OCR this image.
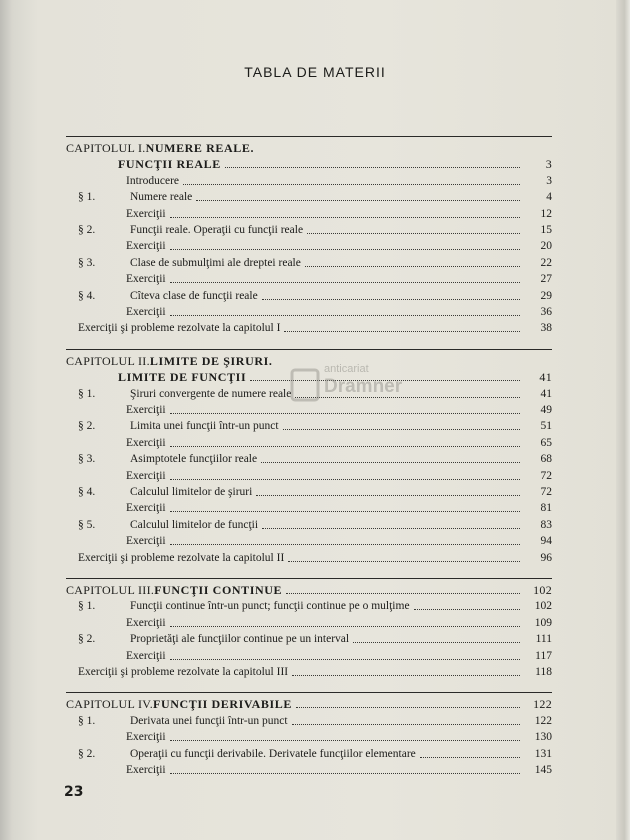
TABLA DE MATERII
CAPITOLUL I. NUMERE REALE.
FUNCŢII REALE	3
Introducere	3
§ 1.	Numere reale	4
Exerciţii	12
§ 2.	Funcţii reale. Operaţii cu funcţii reale	15
Exerciţii	20
§ 3.	Clase de submulţimi ale dreptei reale	22
Exerciţii	27
§ 4.	Cîteva clase de funcţii reale	29
Exerciţii	36
Exerciţii şi probleme rezolvate la capitolul I	38
CAPITOLUL II. LIMITE DE ŞIRURI.
LIMITE DE FUNCŢII	41
§ 1.	Şiruri convergente de numere reale	41
Exerciţii	49
§ 2.	Limita unei funcţii într-un punct	51
Exerciţii	65
§ 3.	Asimptotele funcţiilor reale	68
Exerciţii	72
§ 4.	Calculul limitelor de şiruri	72
Exerciţii	81
§ 5.	Calculul limitelor de funcţii	83
Exerciţii	94
Exerciţii şi probleme rezolvate la capitolul II	96
CAPITOLUL III. FUNCŢII CONTINUE	102
§ 1.	Funcţii continue într-un punct; funcţii continue pe o mulţime	102
Exerciţii	109
§ 2.	Proprietăţi ale funcţiilor continue pe un interval	111
Exerciţii	117
Exerciţii şi probleme rezolvate la capitolul III	118
CAPITOLUL IV. FUNCŢII DERIVABILE	122
§ 1.	Derivata unei funcţii într-un punct	122
Exerciţii	130
§ 2.	Operaţii cu funcţii derivabile. Derivatele funcţiilor elementare	131
Exerciţii	145
anticariat
Dramner
23
